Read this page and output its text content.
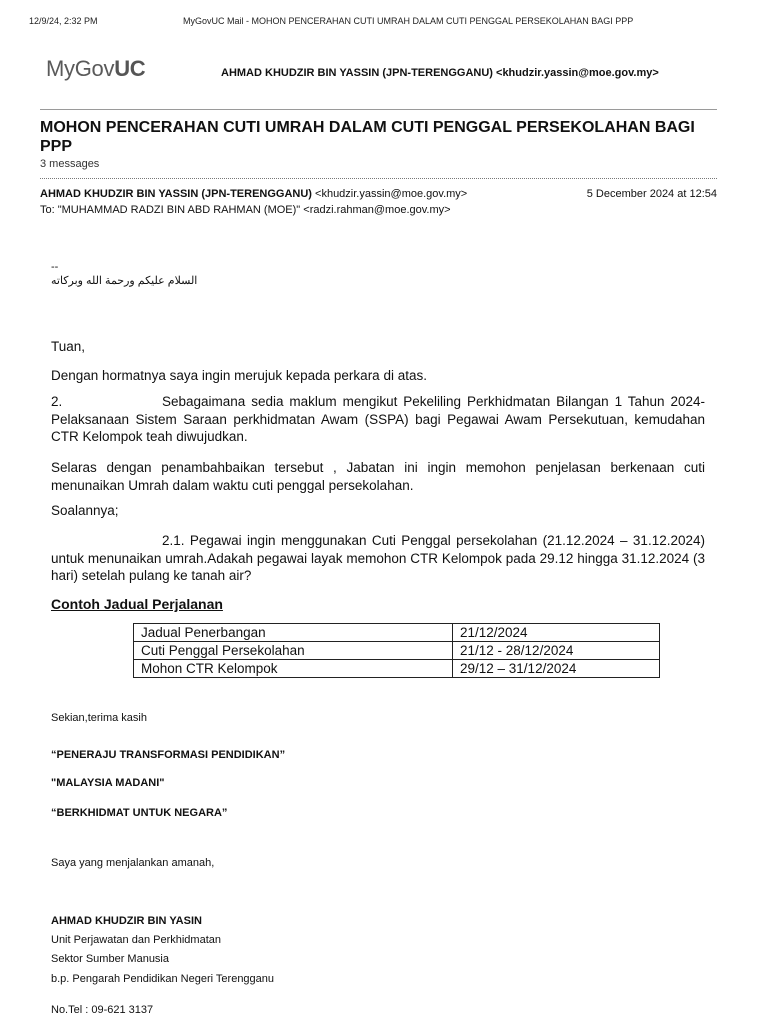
12/9/24, 2:32 PM	MyGovUC Mail - MOHON PENCERAHAN CUTI UMRAH DALAM CUTI PENGGAL PERSEKOLAHAN BAGI PPP
MyGovUC	AHMAD KHUDZIR BIN YASSIN (JPN-TERENGGANU) <khudzir.yassin@moe.gov.my>
MOHON PENCERAHAN CUTI UMRAH DALAM CUTI PENGGAL PERSEKOLAHAN BAGI PPP
3 messages
AHMAD KHUDZIR BIN YASSIN (JPN-TERENGGANU) <khudzir.yassin@moe.gov.my>	5 December 2024 at 12:54
To: "MUHAMMAD RADZI BIN ABD RAHMAN (MOE)" <radzi.rahman@moe.gov.my>
--
السلام عليكم ورحمة الله وبركاته
Tuan,
Dengan hormatnya saya ingin merujuk kepada perkara di atas.
2.	Sebagaimana sedia maklum mengikut Pekeliling Perkhidmatan Bilangan 1 Tahun 2024-Pelaksanaan Sistem Saraan perkhidmatan Awam (SSPA) bagi Pegawai Awam Persekutuan, kemudahan CTR Kelompok teah diwujudkan.
Selaras dengan penambahbaikan tersebut , Jabatan ini ingin memohon penjelasan berkenaan cuti menunaikan Umrah dalam waktu cuti penggal persekolahan.
Soalannya;
2.1. Pegawai ingin menggunakan Cuti Penggal persekolahan (21.12.2024 – 31.12.2024) untuk menunaikan umrah.Adakah pegawai layak memohon CTR Kelompok pada 29.12 hingga 31.12.2024 (3 hari) setelah pulang ke tanah air?
Contoh Jadual Perjalanan
Jadual Penerbangan	21/12/2024
Cuti Penggal Persekolahan	21/12 - 28/12/2024
Mohon CTR Kelompok	29/12 – 31/12/2024
Sekian,terima kasih
“PENERAJU TRANSFORMASI PENDIDIKAN”
"MALAYSIA MADANI"
“BERKHIDMAT UNTUK NEGARA”
Saya yang menjalankan amanah,
AHMAD KHUDZIR BIN YASIN
Unit Perjawatan dan Perkhidmatan
Sektor Sumber Manusia
b.p. Pengarah Pendidikan Negeri Terengganu
No.Tel : 09-621 3137
